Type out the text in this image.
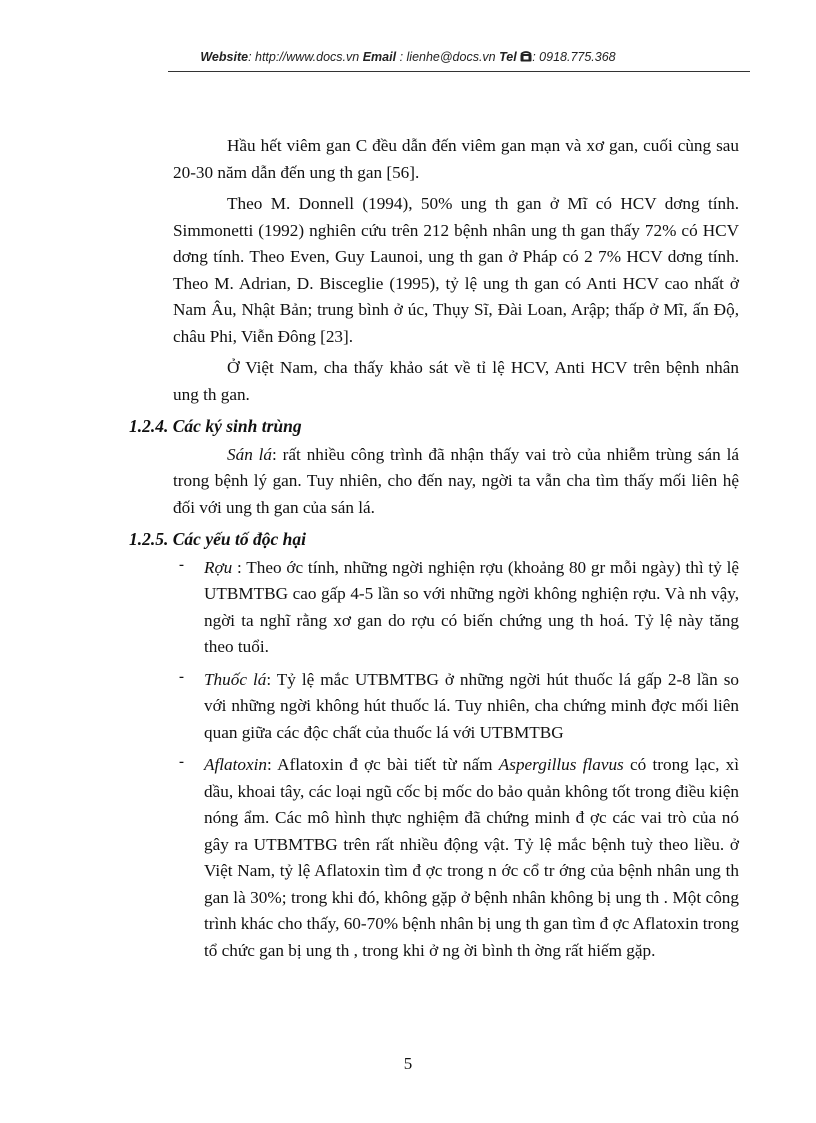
Website: http://www.docs.vn Email : lienhe@docs.vn Tel : 0918.775.368

Hầu hết viêm gan C đều dẫn đến viêm gan mạn và xơ gan, cuối cùng sau 20-30 năm dẫn đến ung th gan [56].

Theo M. Donnell (1994), 50% ung th gan ở Mĩ có HCV dơng tính. Simmonetti (1992) nghiên cứu trên 212 bệnh nhân ung th gan thấy 72% có HCV dơng tính. Theo Even, Guy Launoi, ung th gan ở Pháp có 2 7% HCV dơng tính. Theo M. Adrian, D. Bisceglie (1995), tỷ lệ ung th gan có Anti HCV cao nhất ở Nam Âu, Nhật Bản; trung bình ở úc, Thụy Sĩ, Đài Loan, Arập; thấp ở Mĩ, ấn Độ, châu Phi, Viễn Đông [23].

Ở Việt Nam, cha thấy khảo sát về tỉ lệ HCV, Anti HCV trên bệnh nhân ung th gan.

1.2.4. Các ký sinh trùng

Sán lá: rất nhiều công trình đã nhận thấy vai trò của nhiễm trùng sán lá trong bệnh lý gan. Tuy nhiên, cho đến nay, ngời ta vẫn cha tìm thấy mối liên hệ đối với ung th gan của sán lá.

1.2.5. Các yếu tố độc hại

- Rợu : Theo ớc tính, những ngời nghiện rợu (khoảng 80 gr mỗi ngày) thì tỷ lệ UTBMTBG cao gấp 4-5 lần so với những ngời không nghiện rợu. Và nh vậy, ngời ta nghĩ rằng xơ gan do rợu có biến chứng ung th hoá. Tỷ lệ này tăng theo tuổi.
- Thuốc lá: Tỷ lệ mắc UTBMTBG ở những ngời hút thuốc lá gấp 2-8 lần so với những ngời không hút thuốc lá. Tuy nhiên, cha chứng minh đợc mối liên quan giữa các độc chất của thuốc lá với UTBMTBG
- Aflatoxin: Aflatoxin đ ợc bài tiết từ nấm Aspergillus flavus có trong lạc, xì dầu, khoai tây, các loại ngũ cốc bị mốc do bảo quản không tốt trong điều kiện nóng ẩm. Các mô hình thực nghiệm đã chứng minh đ ợc các vai trò của nó gây ra UTBMTBG trên rất nhiều động vật. Tỷ lệ mắc bệnh tuỳ theo liều. ở Việt Nam, tỷ lệ Aflatoxin tìm đ ợc trong n ớc cổ tr ớng của bệnh nhân ung th gan là 30%; trong khi đó, không gặp ở bệnh nhân không bị ung th . Một công trình khác cho thấy, 60-70% bệnh nhân bị ung th gan tìm đ ợc Aflatoxin trong tổ chức gan bị ung th , trong khi ở ng ời bình th ờng rất hiếm gặp.
5
